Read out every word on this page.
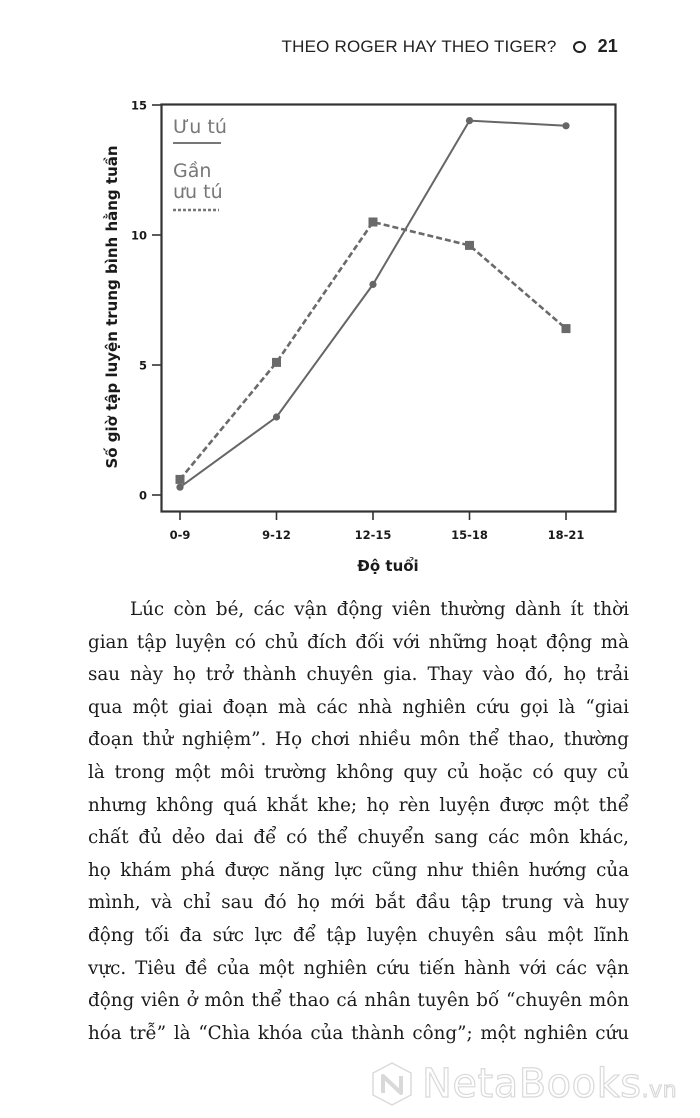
THEO ROGER HAY THEO TIGER? 21
Số giờ tập luyện trung bình hằng tuần
Độ tuổi
0
5
10
15
0-9	9-12	12-15	15-18	18-21
Ưu tú
Gần
ưu tú

Lúc còn bé, các vận động viên thường dành ít thời
gian tập luyện có chủ đích đối với những hoạt động mà
sau này họ trở thành chuyên gia. Thay vào đó, họ trải
qua một giai đoạn mà các nhà nghiên cứu gọi là “giai
đoạn thử nghiệm”. Họ chơi nhiều môn thể thao, thường
là trong một môi trường không quy củ hoặc có quy củ
nhưng không quá khắt khe; họ rèn luyện được một thể
chất đủ dẻo dai để có thể chuyển sang các môn khác,
họ khám phá được năng lực cũng như thiên hướng của
mình, và chỉ sau đó họ mới bắt đầu tập trung và huy
động tối đa sức lực để tập luyện chuyên sâu một lĩnh
vực. Tiêu đề của một nghiên cứu tiến hành với các vận
động viên ở môn thể thao cá nhân tuyên bố “chuyên môn
hóa trễ” là “Chìa khóa của thành công”; một nghiên cứu

NetaBooks.vn
